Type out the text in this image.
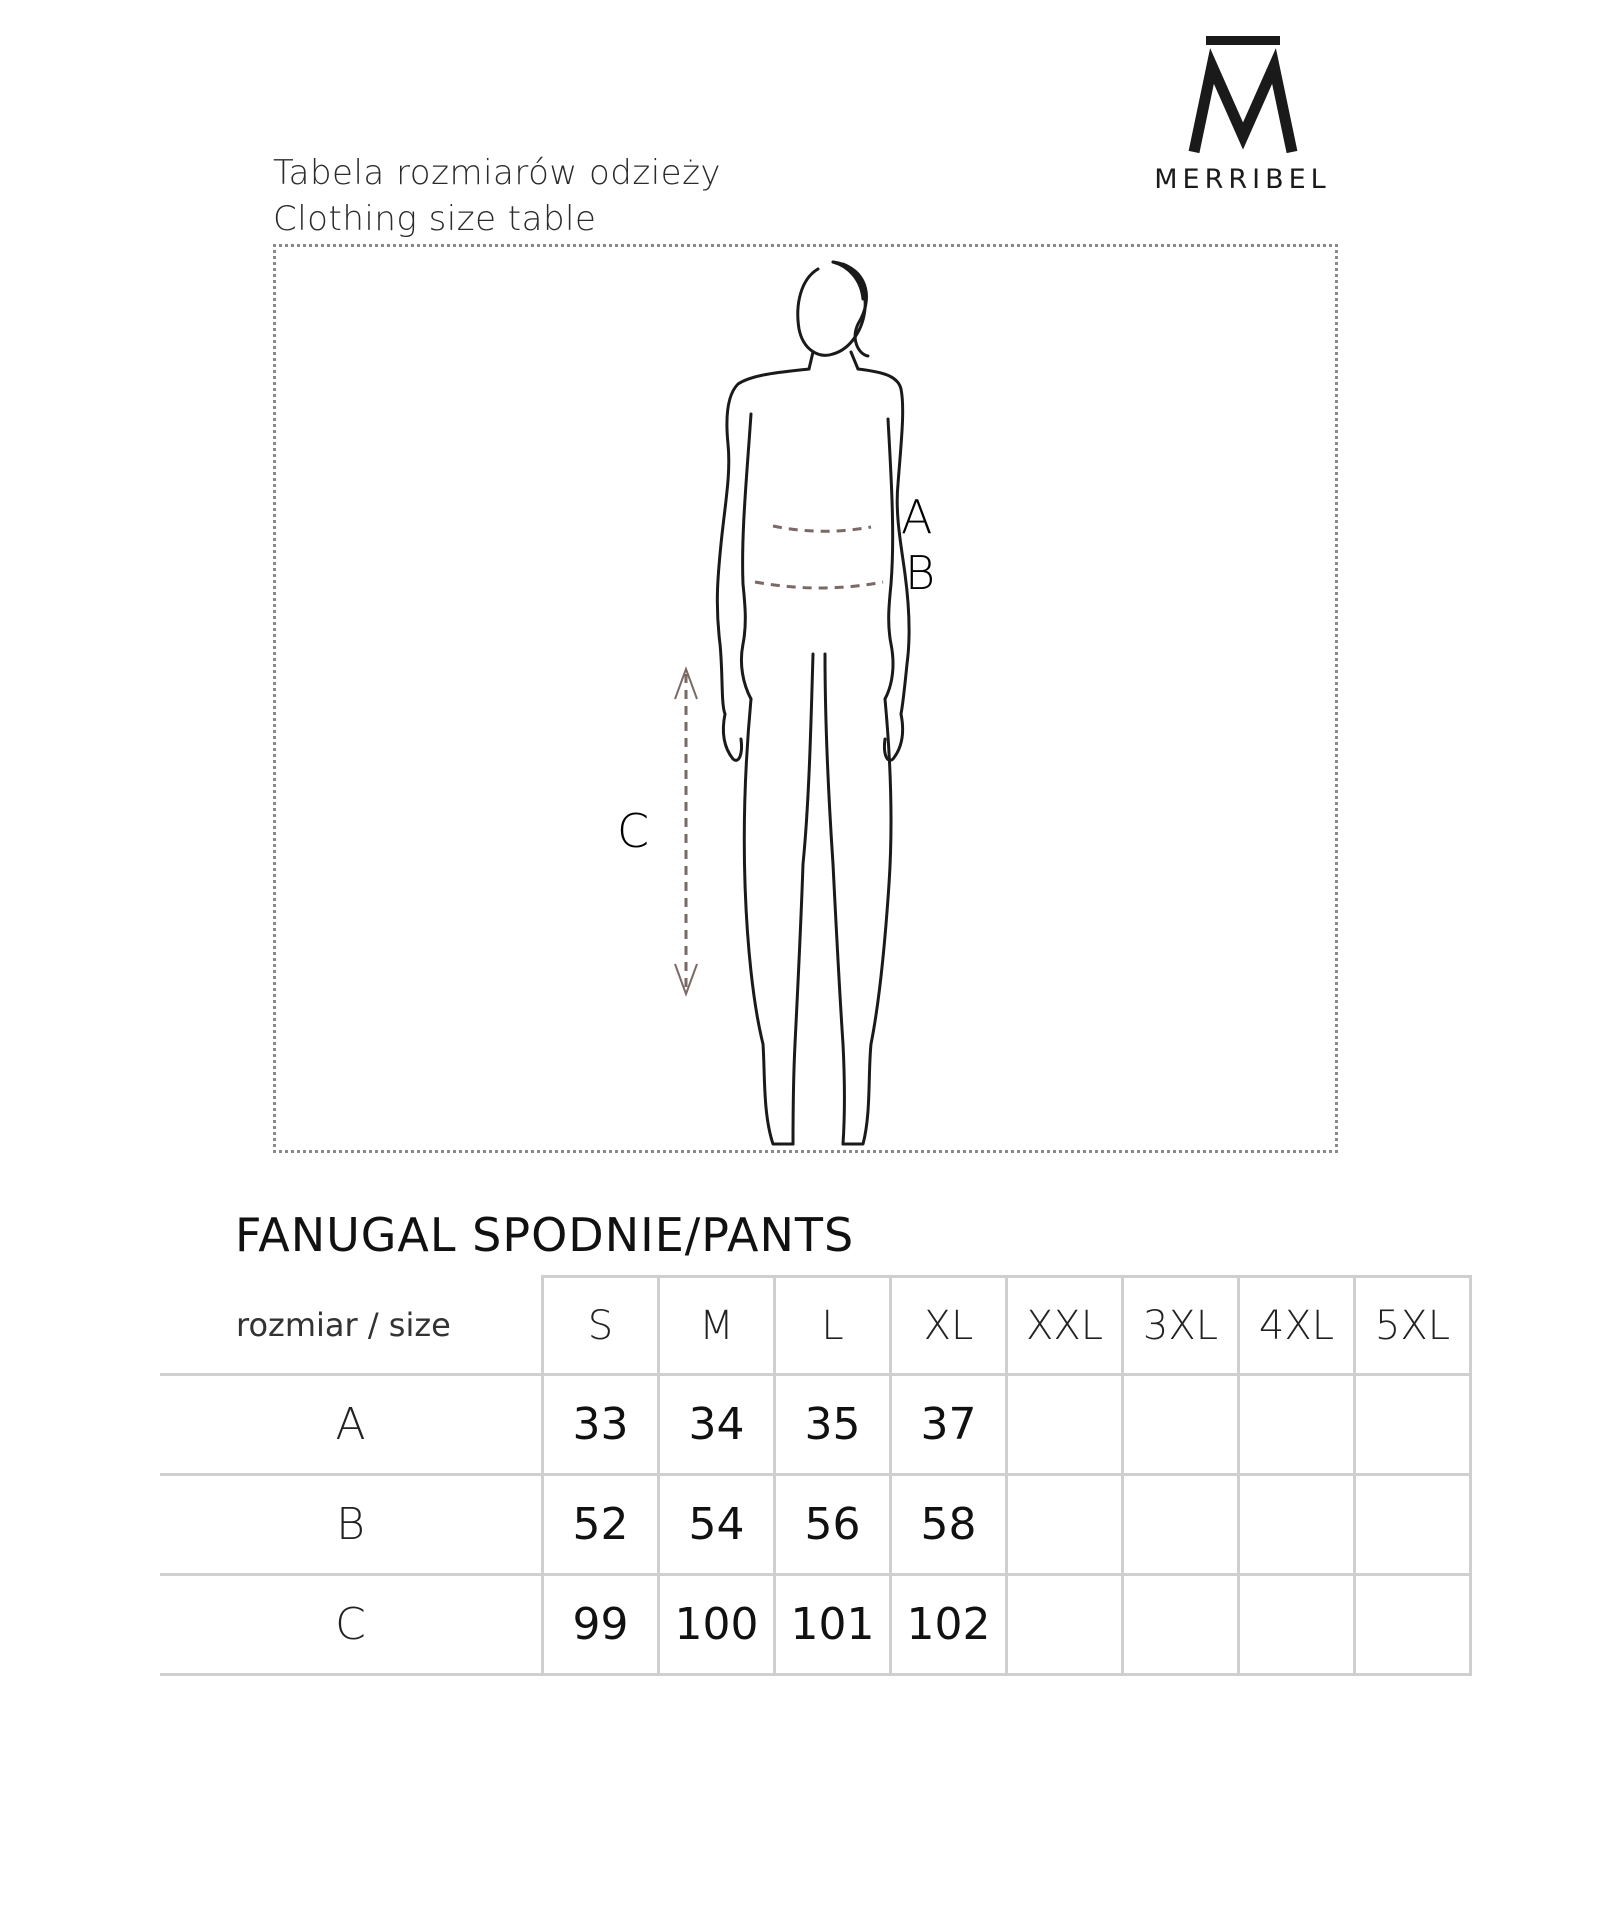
Tabela rozmiarów odzieży
Clothing size table
MERRIBEL
A
B
C
FANUGAL SPODNIE/PANTS
rozmiar / size	S	M	L	XL	XXL	3XL	4XL	5XL
A	33	34	35	37				
B	52	54	56	58				
C	99	100	101	102				
